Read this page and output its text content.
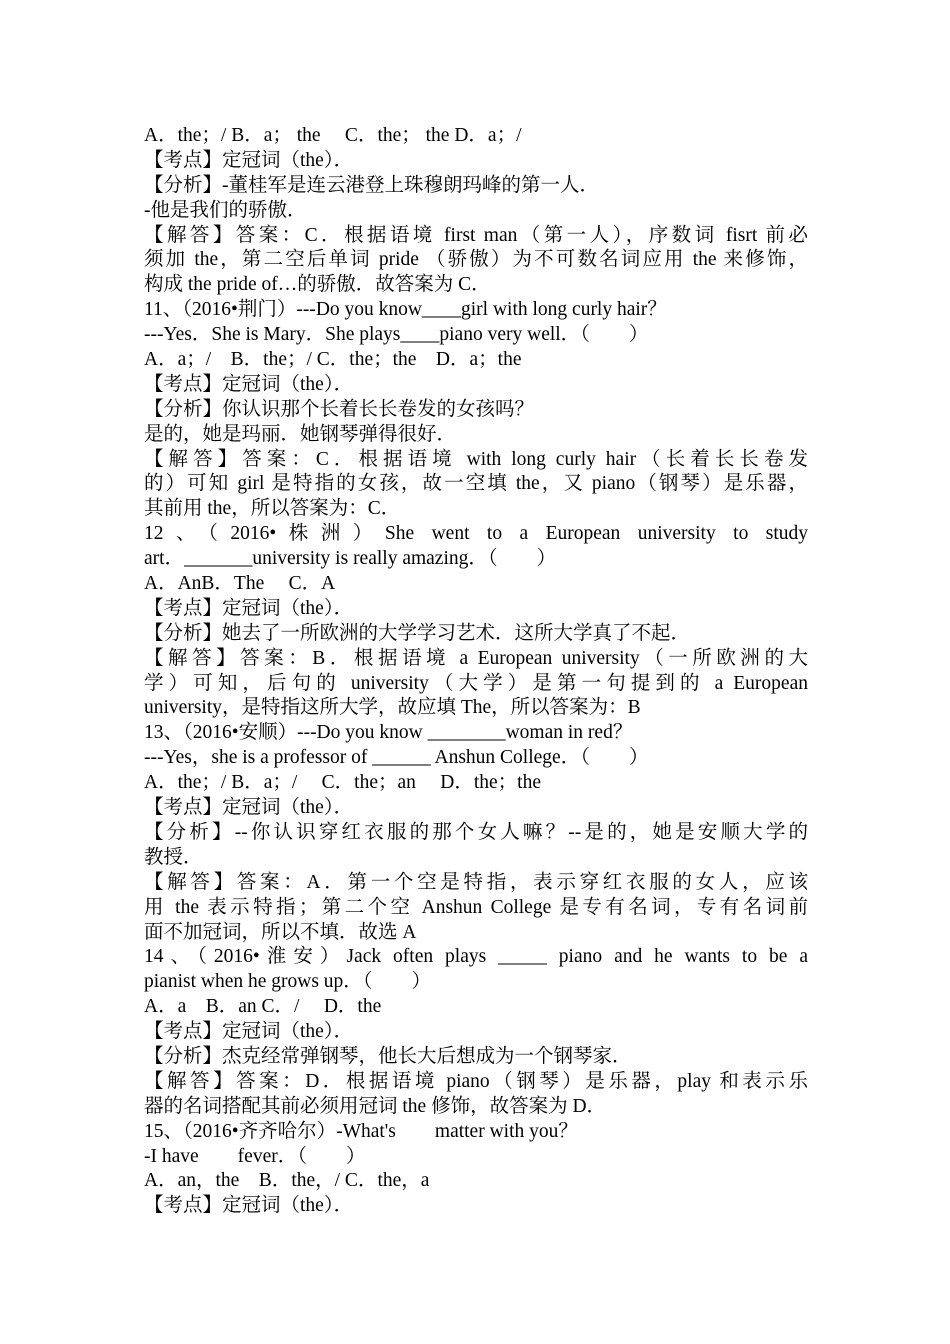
A．the；/ B．a； the　 C．the； the D．a；/
【考点】定冠词（the）．
【分析】-董桂军是连云港登上珠穆朗玛峰的第一人．
-他是我们的骄傲．
【解答】答案：C．根据语境 first man（第一人），序数词 fisrt 前必
须加 the，第二空后单词 pride （骄傲）为不可数名词应用 the 来修饰，
构成 the pride of…的骄傲．故答案为 C．
11、（2016•荆门）---Do you know____girl with long curly hair？
---Yes．She is Mary．She plays____piano very well．（　　）
A．a；/　B．the；/ C．the；the　D．a；the
【考点】定冠词（the）．
【分析】你认识那个长着长长卷发的女孩吗？
是的，她是玛丽．她钢琴弹得很好．
【解答】答案：C．根据语境 with long curly hair（长着长长卷发
的）可知 girl 是特指的女孩，故一空填 the，又 piano（钢琴）是乐器，
其前用 the，所以答案为：C．
12、（2016•株洲）She went to a European university to study
art．_______university is really amazing．（　　）
A．AnB．The　 C．A
【考点】定冠词（the）．
【分析】她去了一所欧洲的大学学习艺术．这所大学真了不起．
【解答】答案：B．根据语境 a European university（一所欧洲的大
学）可知，后句的 university（大学）是第一句提到的 a European
university，是特指这所大学，故应填 The，所以答案为：B
13、（2016•安顺）---Do you know ________woman in red？
---Yes，she is a professor of ______ Anshun College．（　　）
A．the；/ B．a；/　 C．the；an　 D．the；the
【考点】定冠词（the）．
【分析】--你认识穿红衣服的那个女人嘛？--是的，她是安顺大学的
教授．
【解答】答案：A．第一个空是特指，表示穿红衣服的女人，应该
用 the 表示特指；第二个空 Anshun College 是专有名词，专有名词前
面不加冠词，所以不填．故选 A
14、（2016•淮安）Jack often plays _____ piano and he wants to be a
pianist when he grows up．（　　）
A．a　B．an C．/　 D．the
【考点】定冠词（the）．
【分析】杰克经常弹钢琴，他长大后想成为一个钢琴家．
【解答】答案：D．根据语境 piano（钢琴）是乐器，play 和表示乐
器的名词搭配其前必须用冠词 the 修饰，故答案为 D．
15、（2016•齐齐哈尔）-What's　　matter with you？
-I have　　fever．（　　）
A．an，the　B．the，/ C．the，a
【考点】定冠词（the）．
